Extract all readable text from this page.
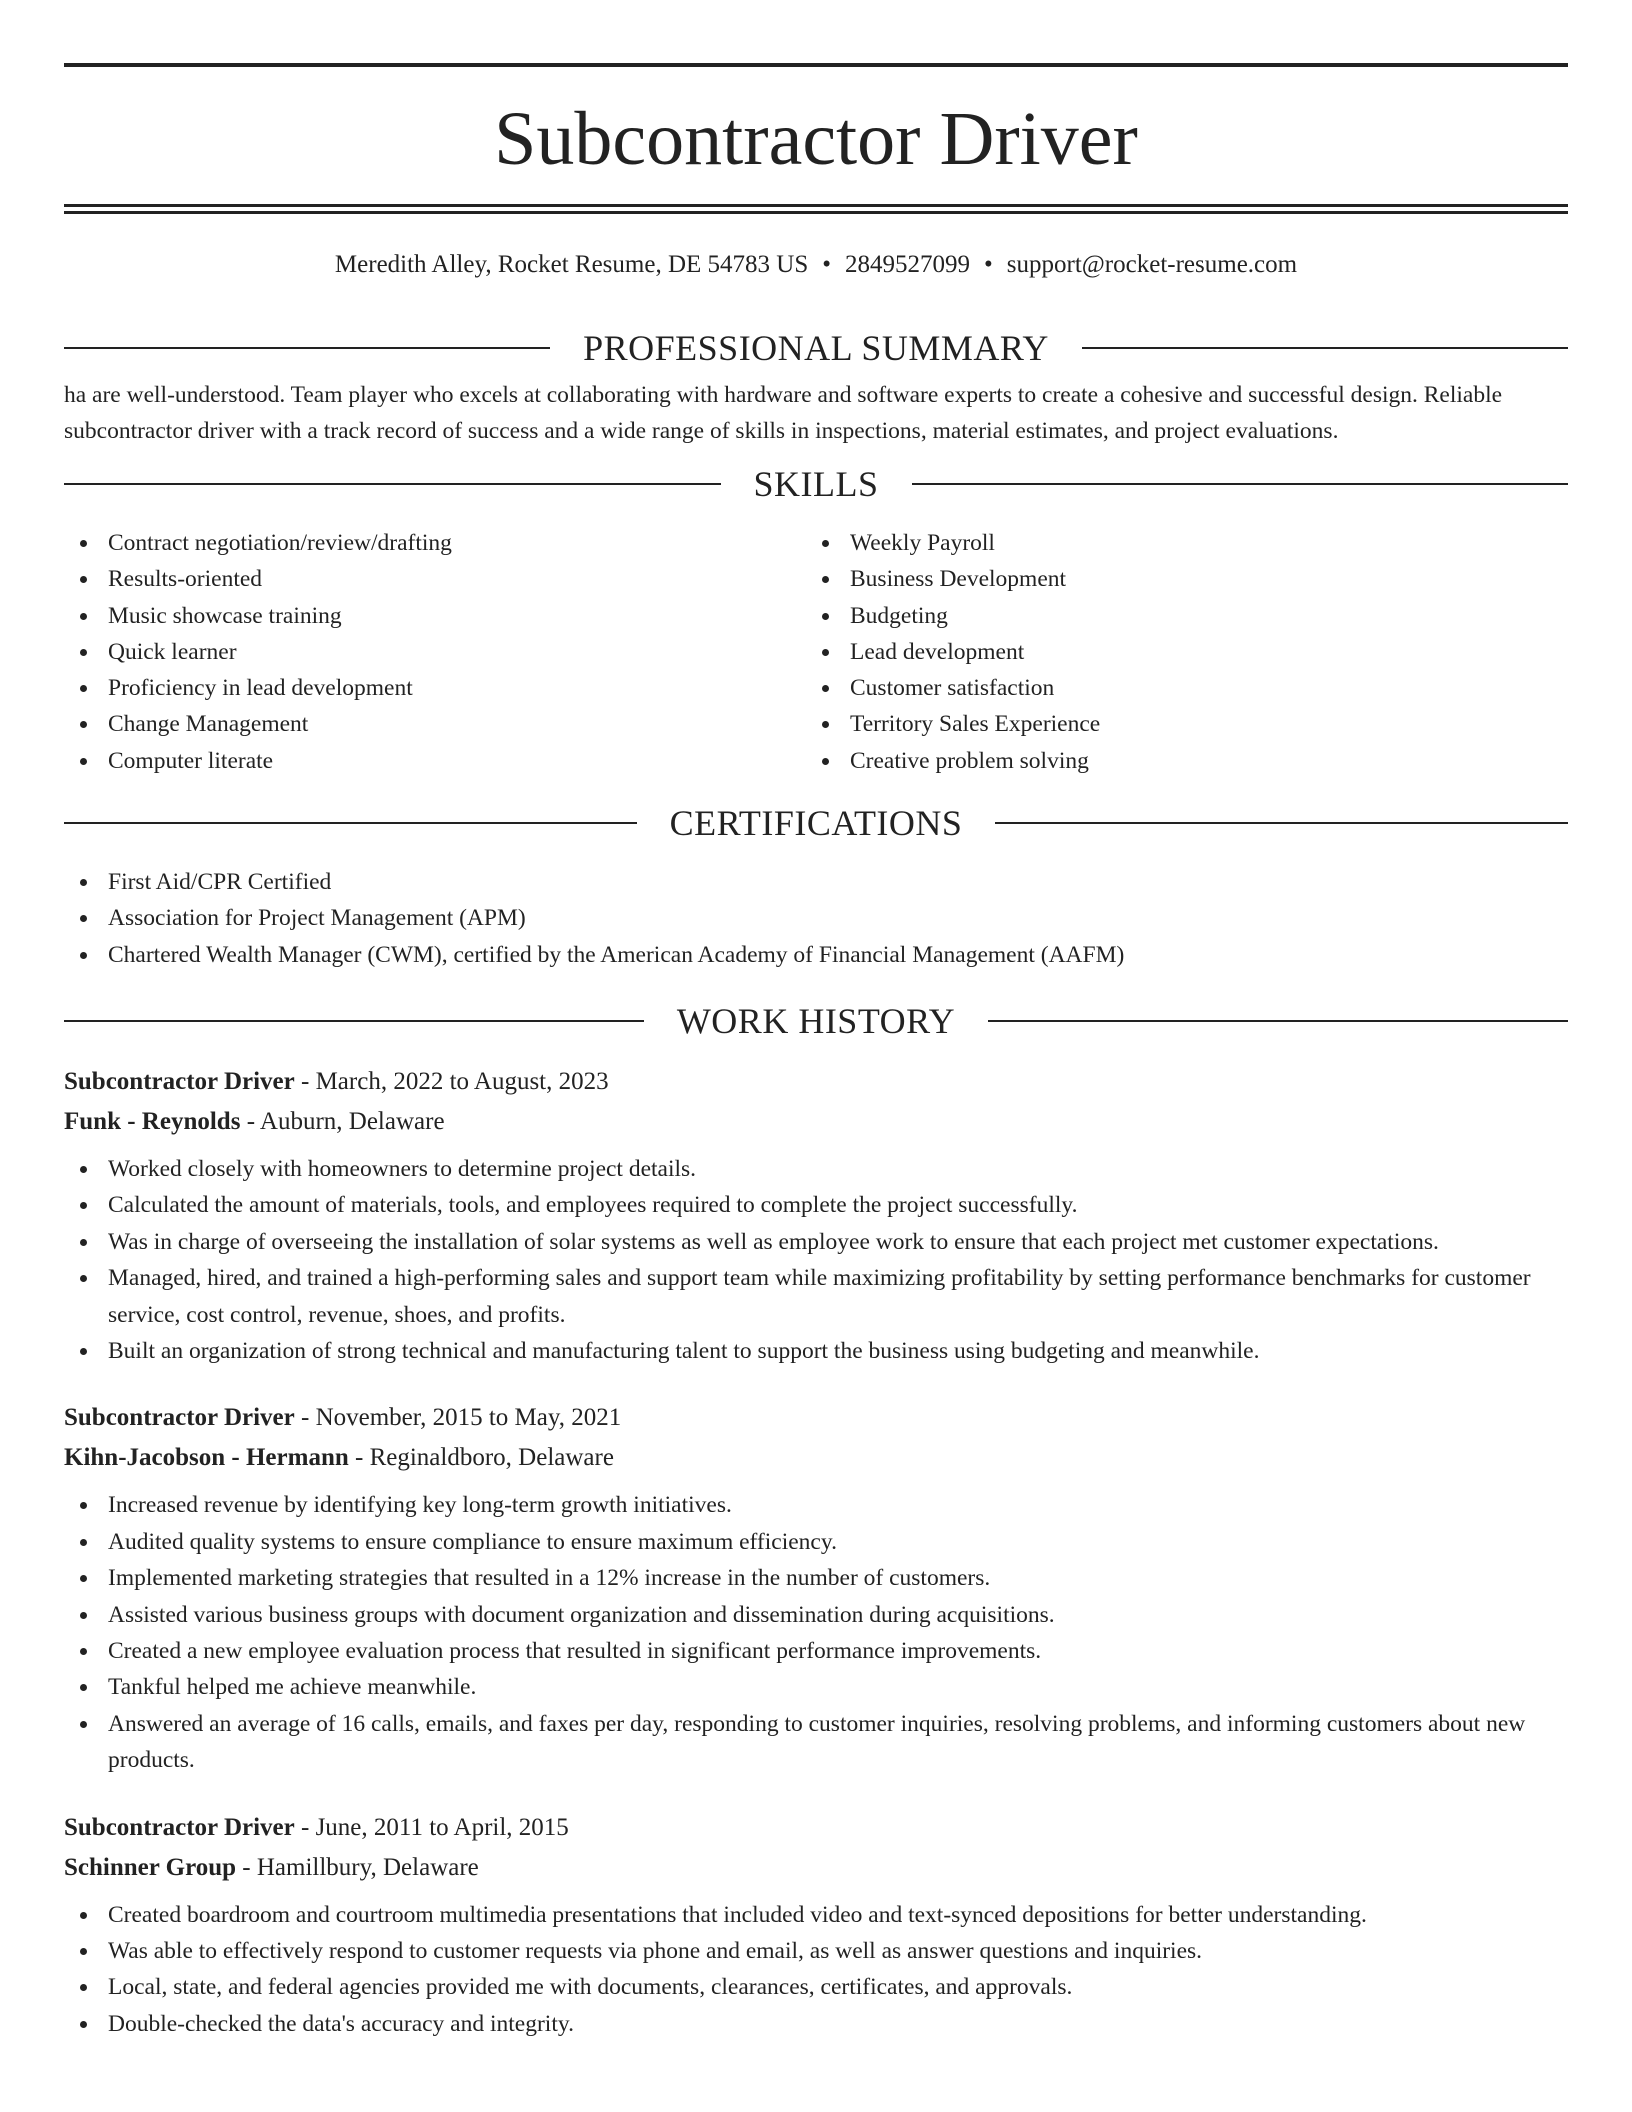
Subcontractor Driver
Meredith Alley, Rocket Resume, DE 54783 US • 2849527099 • support@rocket-resume.com
PROFESSIONAL SUMMARY

ha are well-understood. Team player who excels at collaborating with hardware and software experts to create a cohesive and successful design. Reliable subcontractor driver with a track record of success and a wide range of skills in inspections, material estimates, and project evaluations.

SKILLS
Contract negotiation/review/drafting
Results-oriented
Music showcase training
Quick learner
Proficiency in lead development
Change Management
Computer literate
Weekly Payroll
Business Development
Budgeting
Lead development
Customer satisfaction
Territory Sales Experience
Creative problem solving
CERTIFICATIONS
First Aid/CPR Certified
Association for Project Management (APM)
Chartered Wealth Manager (CWM), certified by the American Academy of Financial Management (AAFM)
WORK HISTORY
Subcontractor Driver - March, 2022 to August, 2023
Funk - Reynolds - Auburn, Delaware
Worked closely with homeowners to determine project details.
Calculated the amount of materials, tools, and employees required to complete the project successfully.
Was in charge of overseeing the installation of solar systems as well as employee work to ensure that each project met customer expectations.
Managed, hired, and trained a high-performing sales and support team while maximizing profitability by setting performance benchmarks for customer service, cost control, revenue, shoes, and profits.
Built an organization of strong technical and manufacturing talent to support the business using budgeting and meanwhile.
Subcontractor Driver - November, 2015 to May, 2021
Kihn-Jacobson - Hermann - Reginaldboro, Delaware
Increased revenue by identifying key long-term growth initiatives.
Audited quality systems to ensure compliance to ensure maximum efficiency.
Implemented marketing strategies that resulted in a 12% increase in the number of customers.
Assisted various business groups with document organization and dissemination during acquisitions.
Created a new employee evaluation process that resulted in significant performance improvements.
Tankful helped me achieve meanwhile.
Answered an average of 16 calls, emails, and faxes per day, responding to customer inquiries, resolving problems, and informing customers about new products.
Subcontractor Driver - June, 2011 to April, 2015
Schinner Group - Hamillbury, Delaware
Created boardroom and courtroom multimedia presentations that included video and text-synced depositions for better understanding.
Was able to effectively respond to customer requests via phone and email, as well as answer questions and inquiries.
Local, state, and federal agencies provided me with documents, clearances, certificates, and approvals.
Double-checked the data's accuracy and integrity.
